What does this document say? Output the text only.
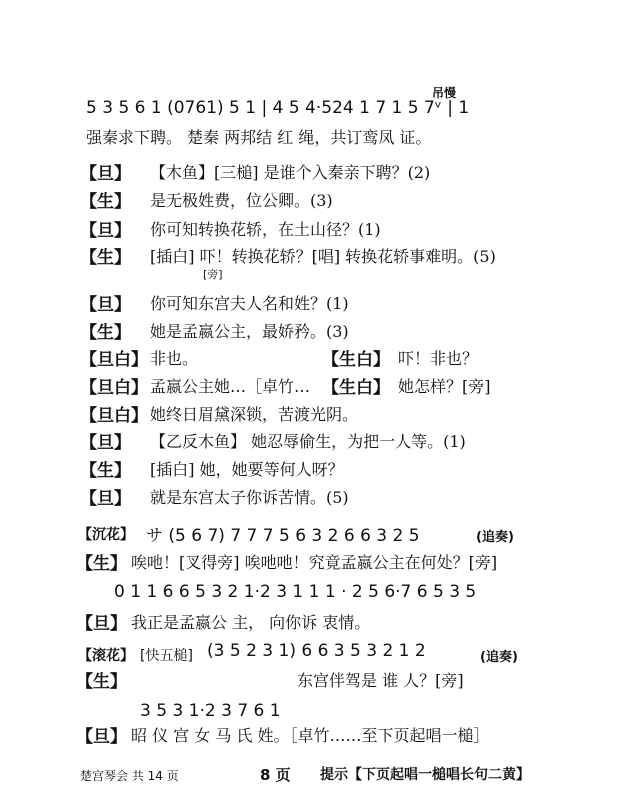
吊慢
5 3 5 6 1 (0761) 5 1 | 4 5 4·524 1 7 1 5 7ᵛ | 1
强秦求下聘。 楚秦 两邦结 红 绳，共订鸾凤 证。
【旦】 【木鱼】[三槌] 是谁个入秦亲下聘？(2)
【生】 是无极姓费，位公卿。(3)
【旦】 你可知转换花轿，在土山径？(1)
【生】 [插白] 吓！转换花轿？[唱] 转换花轿事难明。(5)
[旁]
【旦】 你可知东宫夫人名和姓？(1)
【生】 她是孟嬴公主，最娇矜。(3)
【旦白】 非也。	【生白】 吓！非也？
【旦白】 孟嬴公主她…［卓竹… 【生白】 她怎样？[旁]
【旦白】 她终日眉黛深锁，苦渡光阴。
【旦】 【乙反木鱼】 她忍辱偷生，为把一人等。(1)
【生】 [插白] 她，她要等何人呀？
【旦】 就是东宫太子你诉苦情。(5)
【沉花】 サ (5 6 7) 7 7 7 5 6 3 2 6 6 3 2 5	(追奏)
【生】 唉吔！[叉得旁] 唉吔吔！究竟孟嬴公主在何处？[旁]
0 1 1 6 6 5 3 2 1·2 3 1 1 1 · 2 5 6·7 6 5 3 5
【旦】 我正是孟嬴公 主， 向你诉 衷情。
【滚花】 [快五槌] (3 5 2 3 1) 6 6 3 5 3 2 1 2	(追奏)
【生】	东宫伴驾是 谁 人？[旁]
3 5 3 1·2 3 7 6 1
【旦】 昭 仪 宫 女 马 氏 姓。［卓竹……至下页起唱一槌］
楚宫琴会 共 14 页	8 页 提示【下页起唱一槌唱长句二黄】
